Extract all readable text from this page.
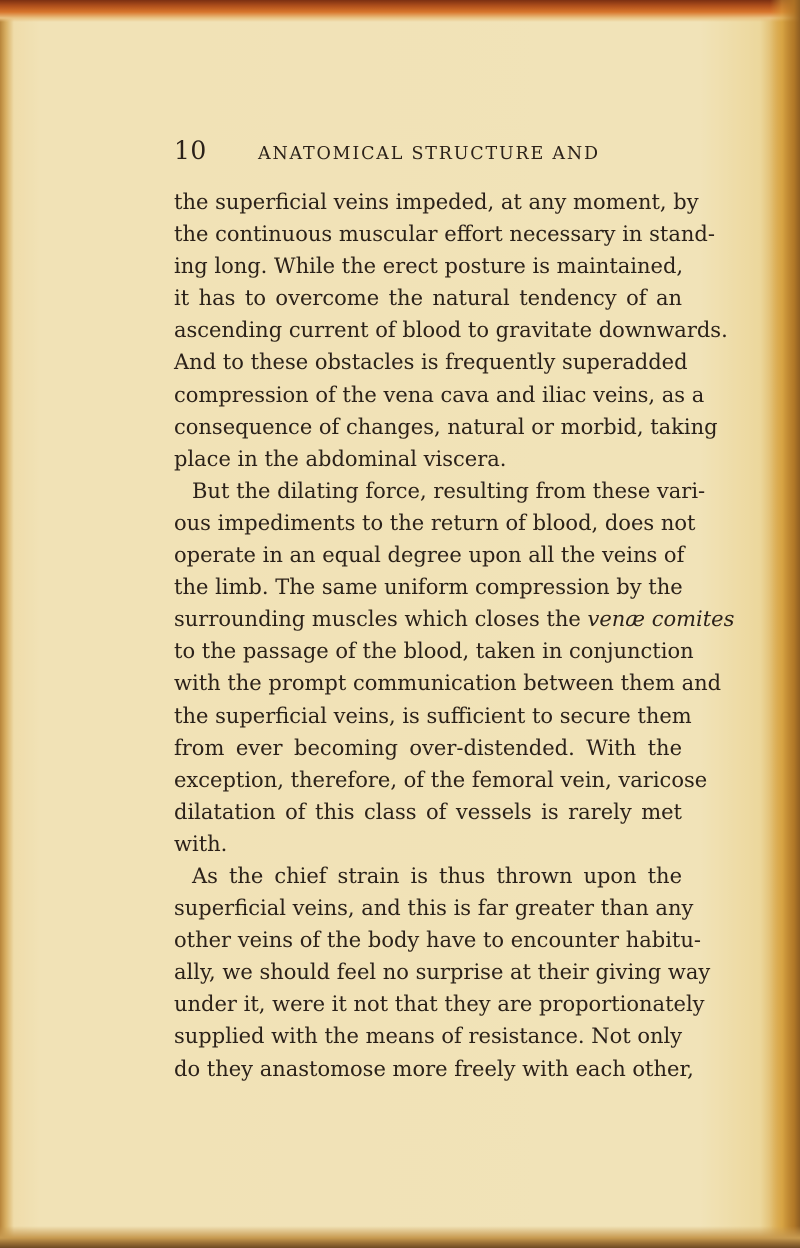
10	ANATOMICAL STRUCTURE AND
the superficial veins impeded, at any moment, by
the continuous muscular effort necessary in stand-
ing long. While the erect posture is maintained,
it has to overcome the natural tendency of an
ascending current of blood to gravitate downwards.
And to these obstacles is frequently superadded
compression of the vena cava and iliac veins, as a
consequence of changes, natural or morbid, taking
place in the abdominal viscera.
But the dilating force, resulting from these vari-
ous impediments to the return of blood, does not
operate in an equal degree upon all the veins of
the limb. The same uniform compression by the
surrounding muscles which closes the venæ comites
to the passage of the blood, taken in conjunction
with the prompt communication between them and
the superficial veins, is sufficient to secure them
from ever becoming over-distended. With the
exception, therefore, of the femoral vein, varicose
dilatation of this class of vessels is rarely met
with.
As the chief strain is thus thrown upon the
superficial veins, and this is far greater than any
other veins of the body have to encounter habitu-
ally, we should feel no surprise at their giving way
under it, were it not that they are proportionately
supplied with the means of resistance. Not only
do they anastomose more freely with each other,
